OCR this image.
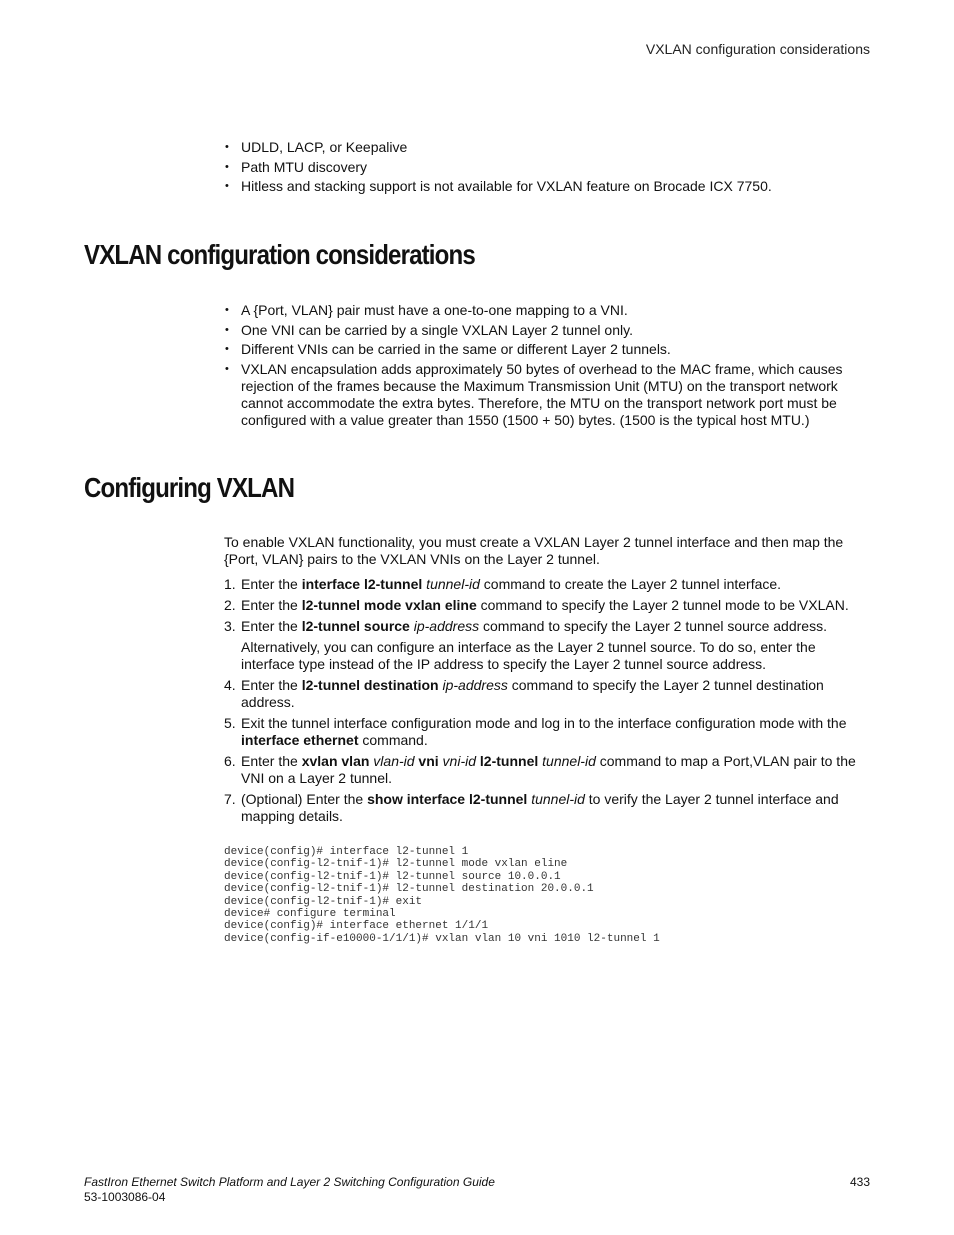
VXLAN configuration considerations
• UDLD, LACP, or Keepalive
• Path MTU discovery
• Hitless and stacking support is not available for VXLAN feature on Brocade ICX 7750.
VXLAN configuration considerations
• A {Port, VLAN} pair must have a one-to-one mapping to a VNI.
• One VNI can be carried by a single VXLAN Layer 2 tunnel only.
• Different VNIs can be carried in the same or different Layer 2 tunnels.
• VXLAN encapsulation adds approximately 50 bytes of overhead to the MAC frame, which causes rejection of the frames because the Maximum Transmission Unit (MTU) on the transport network cannot accommodate the extra bytes. Therefore, the MTU on the transport network port must be configured with a value greater than 1550 (1500 + 50) bytes. (1500 is the typical host MTU.)
Configuring VXLAN

To enable VXLAN functionality, you must create a VXLAN Layer 2 tunnel interface and then map the {Port, VLAN} pairs to the VXLAN VNIs on the Layer 2 tunnel.

1. Enter the interface l2-tunnel tunnel-id command to create the Layer 2 tunnel interface.
2. Enter the l2-tunnel mode vxlan eline command to specify the Layer 2 tunnel mode to be VXLAN.
3. Enter the l2-tunnel source ip-address command to specify the Layer 2 tunnel source address.
Alternatively, you can configure an interface as the Layer 2 tunnel source. To do so, enter the interface type instead of the IP address to specify the Layer 2 tunnel source address.
4. Enter the l2-tunnel destination ip-address command to specify the Layer 2 tunnel destination address.
5. Exit the tunnel interface configuration mode and log in to the interface configuration mode with the interface ethernet command.
6. Enter the xvlan vlan vlan-id vni vni-id l2-tunnel tunnel-id command to map a Port,VLAN pair to the VNI on a Layer 2 tunnel.
7. (Optional) Enter the show interface l2-tunnel tunnel-id to verify the Layer 2 tunnel interface and mapping details.
device(config)# interface l2-tunnel 1
device(config-l2-tnif-1)# l2-tunnel mode vxlan eline
device(config-l2-tnif-1)# l2-tunnel source 10.0.0.1
device(config-l2-tnif-1)# l2-tunnel destination 20.0.0.1
device(config-l2-tnif-1)# exit
device# configure terminal
device(config)# interface ethernet 1/1/1
device(config-if-e10000-1/1/1)# vxlan vlan 10 vni 1010 l2-tunnel 1
FastIron Ethernet Switch Platform and Layer 2 Switching Configuration Guide
53-1003086-04
433
